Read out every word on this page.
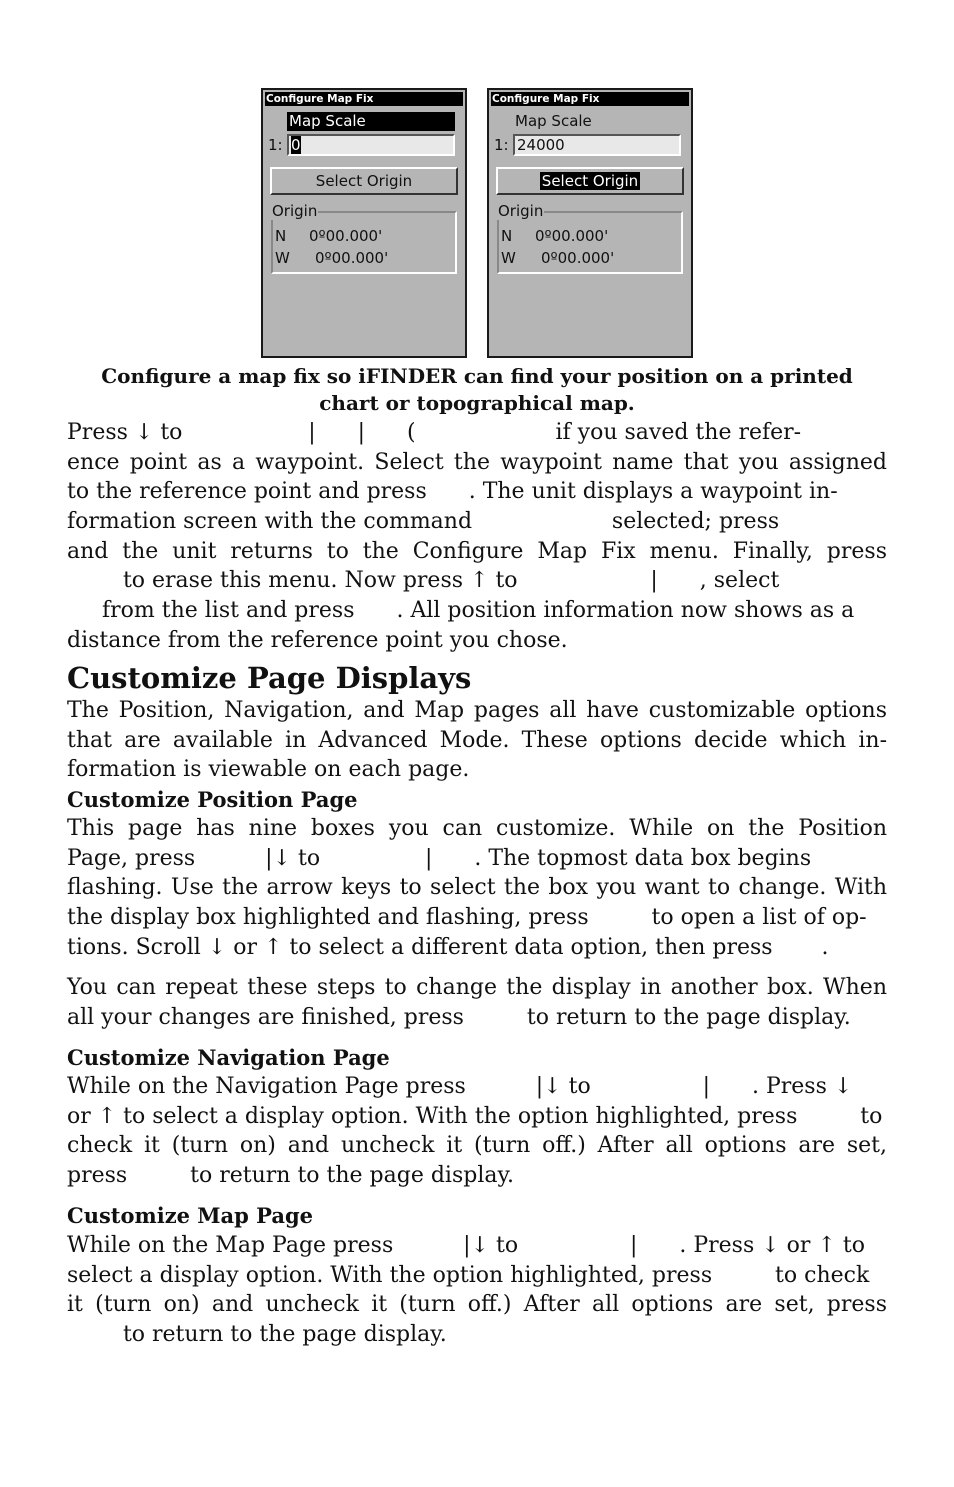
Configure Map Fix
Map Scale
1: 0
Select Origin
Origin
N 0º00.000'
W 0º00.000'
Configure Map Fix
Map Scale
1: 24000
Select Origin
Origin
N 0º00.000'
W 0º00.000'
Configure a map fix so iFINDER can find your position on a printed
chart or topographical map.
Press ↓ to                  |      |      (                    if you saved the refer-
ence point as a waypoint. Select the waypoint name that you assigned
to the reference point and press      . The unit displays a waypoint in-
formation screen with the command                    selected; press
and the unit returns to the Configure Map Fix menu. Finally, press
to erase this menu. Now press ↑ to                   |      , select
from the list and press      . All position information now shows as a
distance from the reference point you chose.
Customize Page Displays
The Position, Navigation, and Map pages all have customizable options
that are available in Advanced Mode. These options decide which in-
formation is viewable on each page.
Customize Position Page
This page has nine boxes you can customize. While on the Position
Page, press          |↓ to               |      . The topmost data box begins
flashing. Use the arrow keys to select the box you want to change. With
the display box highlighted and flashing, press         to open a list of op-
tions. Scroll ↓ or ↑ to select a different data option, then press       .
You can repeat these steps to change the display in another box. When
all your changes are finished, press         to return to the page display.
Customize Navigation Page
While on the Navigation Page press          |↓ to                |      . Press ↓
or ↑ to select a display option. With the option highlighted, press         to
check it (turn on) and uncheck it (turn off.) After all options are set,
press         to return to the page display.
Customize Map Page
While on the Map Page press          |↓ to                |      . Press ↓ or ↑ to
select a display option. With the option highlighted, press         to check
it (turn on) and uncheck it (turn off.) After all options are set, press
to return to the page display.
